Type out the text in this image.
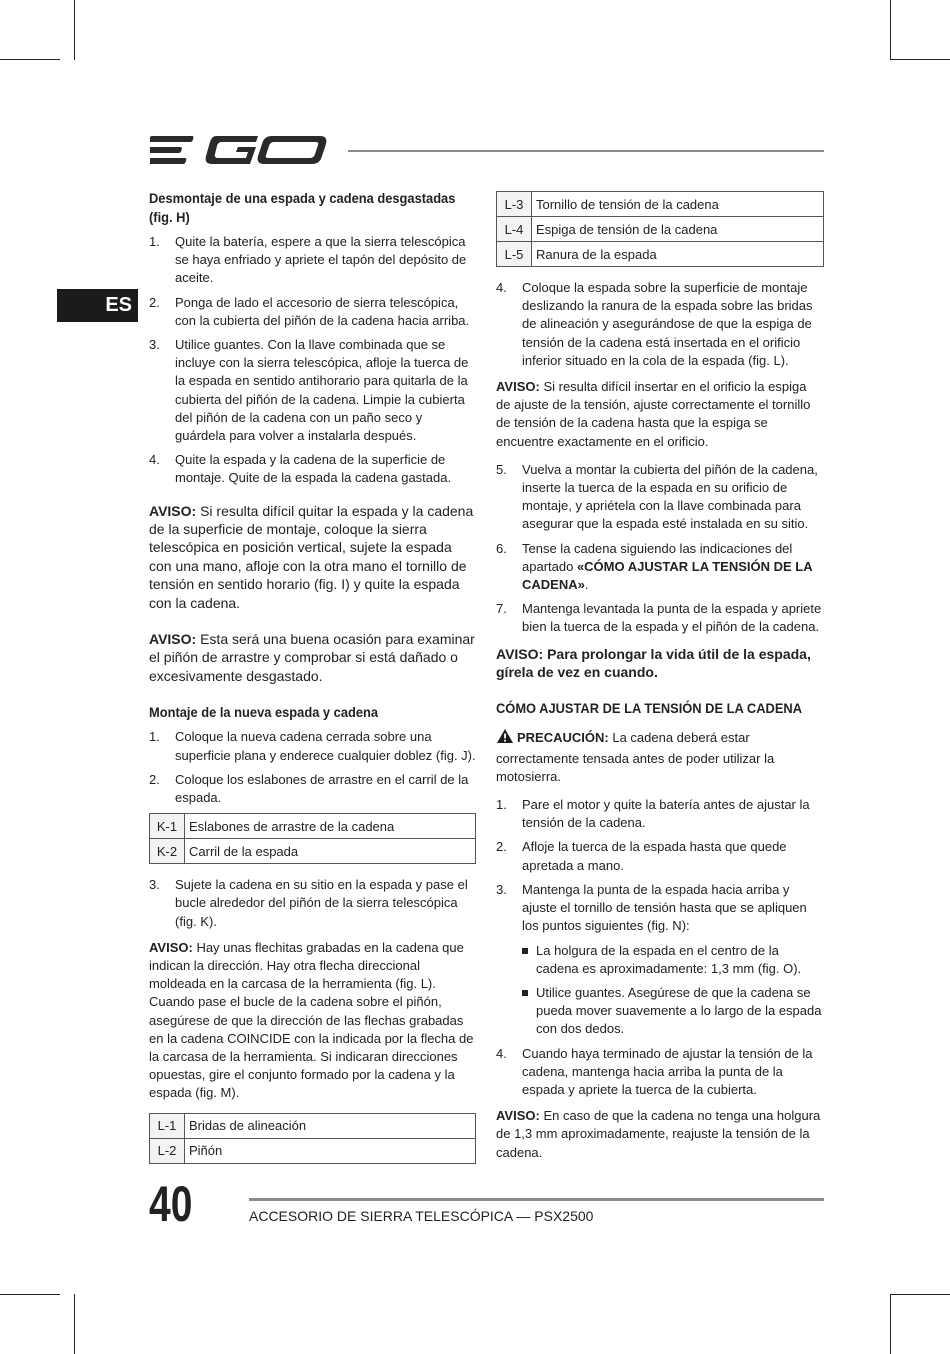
ES
Desmontaje de una espada y cadena desgastadas (fig. H)
1. Quite la batería, espere a que la sierra telescópica se haya enfriado y apriete el tapón del depósito de aceite.
2. Ponga de lado el accesorio de sierra telescópica, con la cubierta del piñón de la cadena hacia arriba.
3. Utilice guantes. Con la llave combinada que se incluye con la sierra telescópica, afloje la tuerca de la espada en sentido antihorario para quitarla de la cubierta del piñón de la cadena. Limpie la cubierta del piñón de la cadena con un paño seco y guárdela para volver a instalarla después.
4. Quite la espada y la cadena de la superficie de montaje. Quite de la espada la cadena gastada.

AVISO: Si resulta difícil quitar la espada y la cadena de la superficie de montaje, coloque la sierra telescópica en posición vertical, sujete la espada con una mano, afloje con la otra mano el tornillo de tensión en sentido horario (fig. I) y quite la espada con la cadena.

AVISO: Esta será una buena ocasión para examinar el piñón de arrastre y comprobar si está dañado o excesivamente desgastado.

Montaje de la nueva espada y cadena
1. Coloque la nueva cadena cerrada sobre una superficie plana y enderece cualquier doblez (fig. J).
2. Coloque los eslabones de arrastre en el carril de la espada.
K-1	Eslabones de arrastre de la cadena
K-2	Carril de la espada
3. Sujete la cadena en su sitio en la espada y pase el bucle alrededor del piñón de la sierra telescópica (fig. K).

AVISO: Hay unas flechitas grabadas en la cadena que indican la dirección. Hay otra flecha direccional moldeada en la carcasa de la herramienta (fig. L). Cuando pase el bucle de la cadena sobre el piñón, asegúrese de que la dirección de las flechas grabadas en la cadena COINCIDE con la indicada por la flecha de la carcasa de la herramienta. Si indicaran direcciones opuestas, gire el conjunto formado por la cadena y la espada (fig. M).

L-1	Bridas de alineación
L-2	Piñón
L-3	Tornillo de tensión de la cadena
L-4	Espiga de tensión de la cadena
L-5	Ranura de la espada
4. Coloque la espada sobre la superficie de montaje deslizando la ranura de la espada sobre las bridas de alineación y asegurándose de que la espiga de tensión de la cadena está insertada en el orificio inferior situado en la cola de la espada (fig. L).

AVISO: Si resulta difícil insertar en el orificio la espiga de ajuste de la tensión, ajuste correctamente el tornillo de tensión de la cadena hasta que la espiga se encuentre exactamente en el orificio.

5. Vuelva a montar la cubierta del piñón de la cadena, inserte la tuerca de la espada en su orificio de montaje, y apriétela con la llave combinada para asegurar que la espada esté instalada en su sitio.
6. Tense la cadena siguiendo las indicaciones del apartado «CÓMO AJUSTAR LA TENSIÓN DE LA CADENA».
7. Mantenga levantada la punta de la espada y apriete bien la tuerca de la espada y el piñón de la cadena.

AVISO: Para prolongar la vida útil de la espada, gírela de vez en cuando.

CÓMO AJUSTAR DE LA TENSIÓN DE LA CADENA

PRECAUCIÓN: La cadena deberá estar correctamente tensada antes de poder utilizar la motosierra.

1. Pare el motor y quite la batería antes de ajustar la tensión de la cadena.
2. Afloje la tuerca de la espada hasta que quede apretada a mano.
3. Mantenga la punta de la espada hacia arriba y ajuste el tornillo de tensión hasta que se apliquen los puntos siguientes (fig. N):
La holgura de la espada en el centro de la cadena es aproximadamente: 1,3 mm (fig. O).
Utilice guantes. Asegúrese de que la cadena se pueda mover suavemente a lo largo de la espada con dos dedos.
4. Cuando haya terminado de ajustar la tensión de la cadena, mantenga hacia arriba la punta de la espada y apriete la tuerca de la cubierta.

AVISO: En caso de que la cadena no tenga una holgura de 1,3 mm aproximadamente, reajuste la tensión de la cadena.

40	ACCESORIO DE SIERRA TELESCÓPICA — PSX2500
